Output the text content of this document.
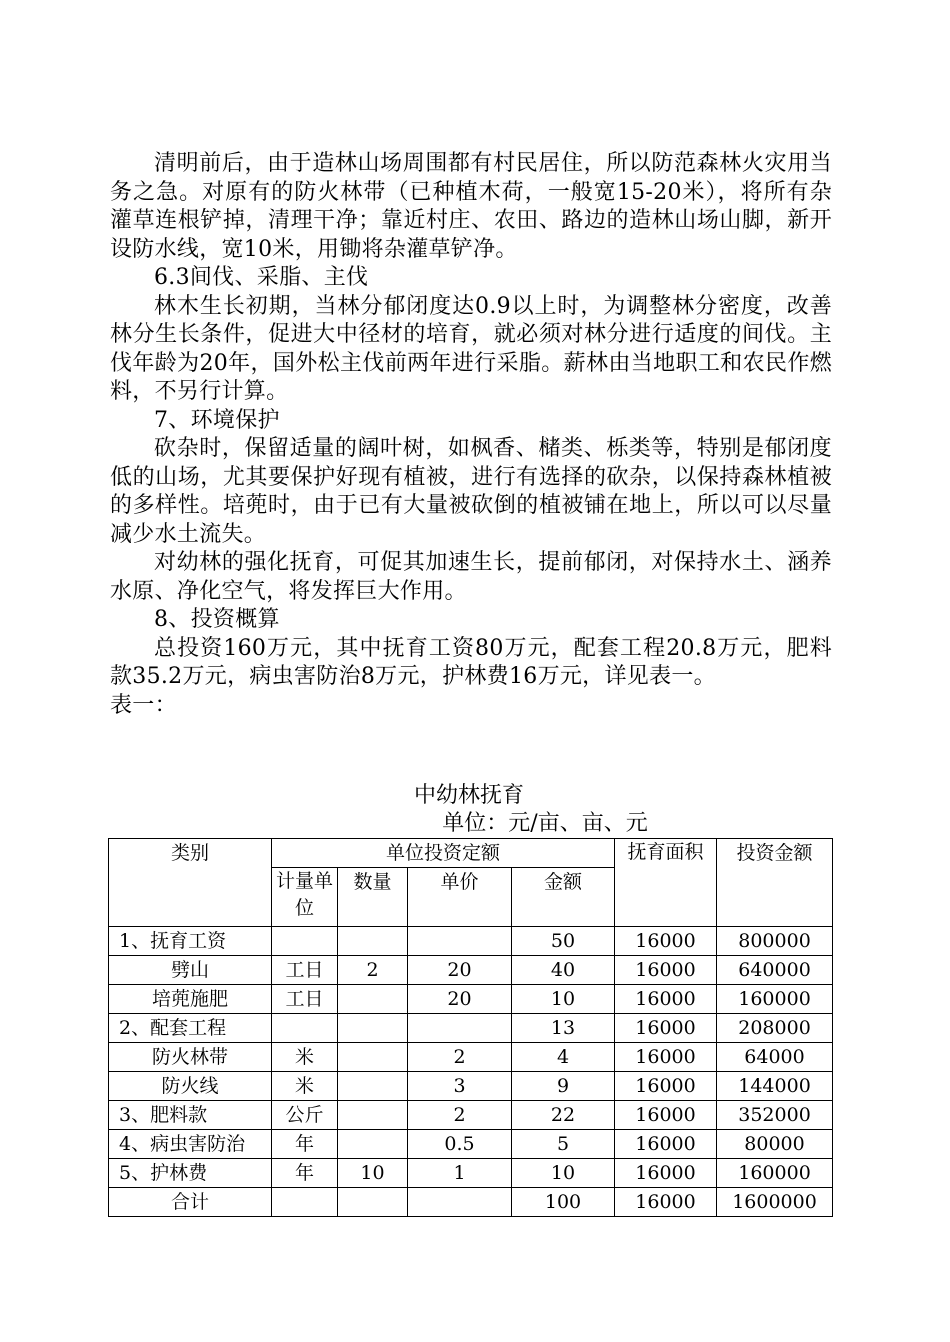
清明前后，由于造林山场周围都有村民居住，所以防范森林火灾用当务之急。对原有的防火林带（已种植木荷，一般宽15-20米），将所有杂灌草连根铲掉，清理干净；靠近村庄、农田、路边的造林山场山脚，新开设防水线，宽10米，用锄将杂灌草铲净。

6.3间伐、采脂、主伐

林木生长初期，当林分郁闭度达0.9以上时，为调整林分密度，改善林分生长条件，促进大中径材的培育，就必须对林分进行适度的间伐。主伐年龄为20年，国外松主伐前两年进行采脂。薪林由当地职工和农民作燃料，不另行计算。

7、环境保护

砍杂时，保留适量的阔叶树，如枫香、槠类、栎类等，特别是郁闭度低的山场，尤其要保护好现有植被，进行有选择的砍杂，以保持森林植被的多样性。培蔸时，由于已有大量被砍倒的植被铺在地上，所以可以尽量减少水土流失。

对幼林的强化抚育，可促其加速生长，提前郁闭，对保持水土、涵养水原、净化空气，将发挥巨大作用。

8、投资概算

总投资160万元，其中抚育工资80万元，配套工程20.8万元，肥料款35.2万元，病虫害防治8万元，护林费16万元，详见表一。

表一：

中幼林抚育
单位：元/亩、亩、元
类别	单位投资定额				抚育面积	投资金额
	计量单位	数量	单价	金额		
1、抚育工资				50	16000	800000
劈山	工日	2	20	40	16000	640000
培蔸施肥	工日		20	10	16000	160000
2、配套工程				13	16000	208000
防火林带	米		2	4	16000	64000
防火线	米		3	9	16000	144000
3、肥料款	公斤		2	22	16000	352000
4、病虫害防治	年		0.5	5	16000	80000
5、护林费	年	10	1	10	16000	160000
合计				100	16000	1600000
